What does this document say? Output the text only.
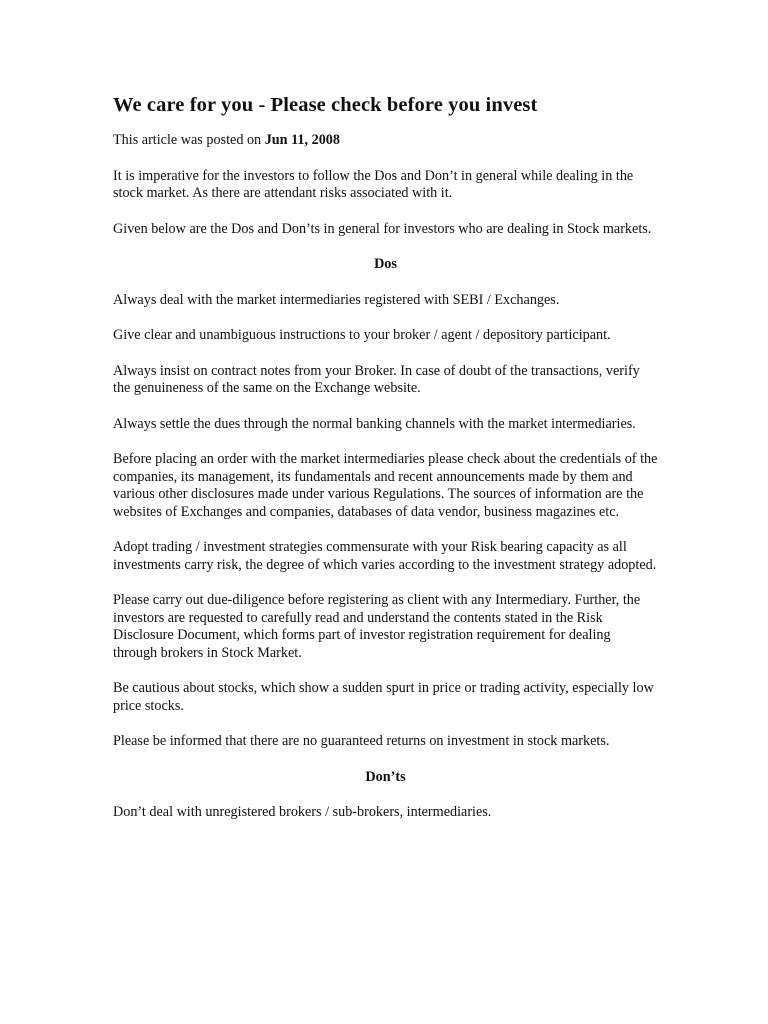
We care for you - Please check before you invest
This article was posted on Jun 11, 2008
It is imperative for the investors to follow the Dos and Don’t in general while dealing in the stock market. As there are attendant risks associated with it.
Given below are the Dos and Don’ts in general for investors who are dealing in Stock markets.
Dos
Always deal with the market intermediaries registered with SEBI / Exchanges.
Give clear and unambiguous instructions to your broker / agent / depository participant.
Always insist on contract notes from your Broker. In case of doubt of the transactions, verify the genuineness of the same on the Exchange website.
Always settle the dues through the normal banking channels with the market intermediaries.
Before placing an order with the market intermediaries please check about the credentials of the companies, its management, its fundamentals and recent announcements made by them and various other disclosures made under various Regulations. The sources of information are the websites of Exchanges and companies, databases of data vendor, business magazines etc.
Adopt trading / investment strategies commensurate with your Risk bearing capacity as all investments carry risk, the degree of which varies according to the investment strategy adopted.
Please carry out due-diligence before registering as client with any Intermediary. Further, the investors are requested to carefully read and understand the contents stated in the Risk Disclosure Document, which forms part of investor registration requirement for dealing through brokers in Stock Market.
Be cautious about stocks, which show a sudden spurt in price or trading activity, especially low price stocks.
Please be informed that there are no guaranteed returns on investment in stock markets.
Don’ts
Don’t deal with unregistered brokers / sub-brokers, intermediaries.
